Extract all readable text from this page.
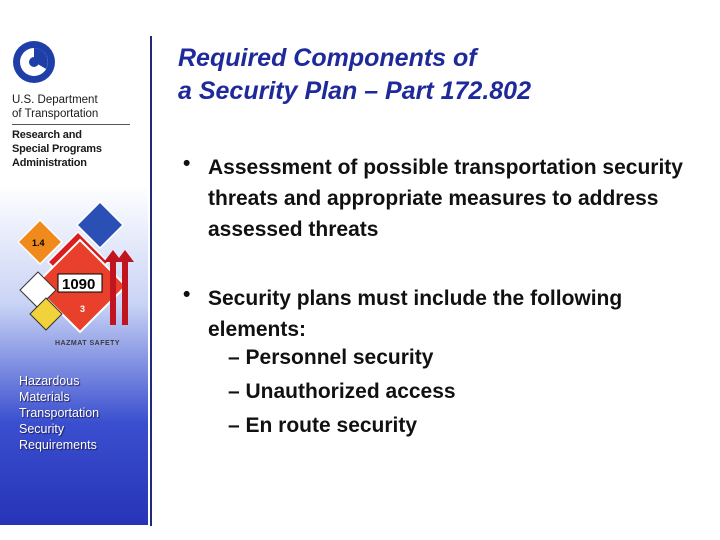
U.S. Department
of Transportation
Research and
Special Programs
Administration
1.4
1090
3
HAZMAT SAFETY
Hazardous
Materials
Transportation
Security
Requirements
Required Components of
a Security Plan – Part 172.802
• Assessment of possible transportation security threats and appropriate measures to address assessed threats
• Security plans must include the following elements:
– Personnel security
– Unauthorized access
– En route security
